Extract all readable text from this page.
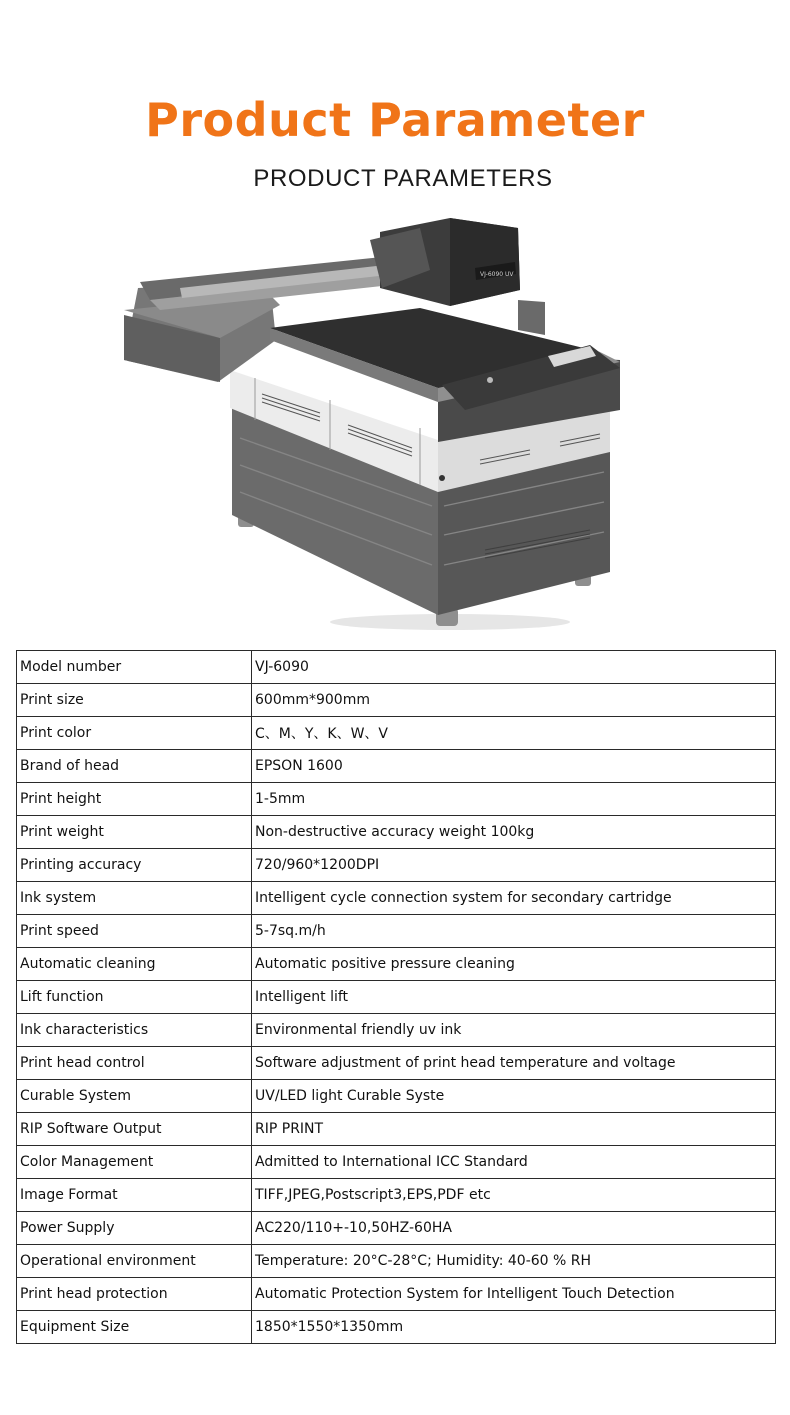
Product Parameter
PRODUCT PARAMETERS
VJ-6090 UV
Model number	VJ-6090
Print size	600mm*900mm
Print color	C、M、Y、K、W、V
Brand of head	EPSON 1600
Print height	1-5mm
Print weight	Non-destructive accuracy weight 100kg
Printing accuracy	720/960*1200DPI
Ink system	Intelligent cycle connection system for secondary cartridge
Print speed	5-7sq.m/h
Automatic cleaning	Automatic positive pressure cleaning
Lift function	Intelligent lift
Ink characteristics	Environmental friendly uv ink
Print head control	Software adjustment of print head temperature and voltage
Curable System	UV/LED light Curable Syste
RIP Software Output	RIP PRINT
Color Management	Admitted to International ICC Standard
Image Format	TIFF,JPEG,Postscript3,EPS,PDF etc
Power Supply	AC220/110+-10,50HZ-60HA
Operational environment	Temperature: 20°C-28°C; Humidity: 40-60 % RH
Print head protection	Automatic Protection System for Intelligent Touch Detection
Equipment Size	1850*1550*1350mm
